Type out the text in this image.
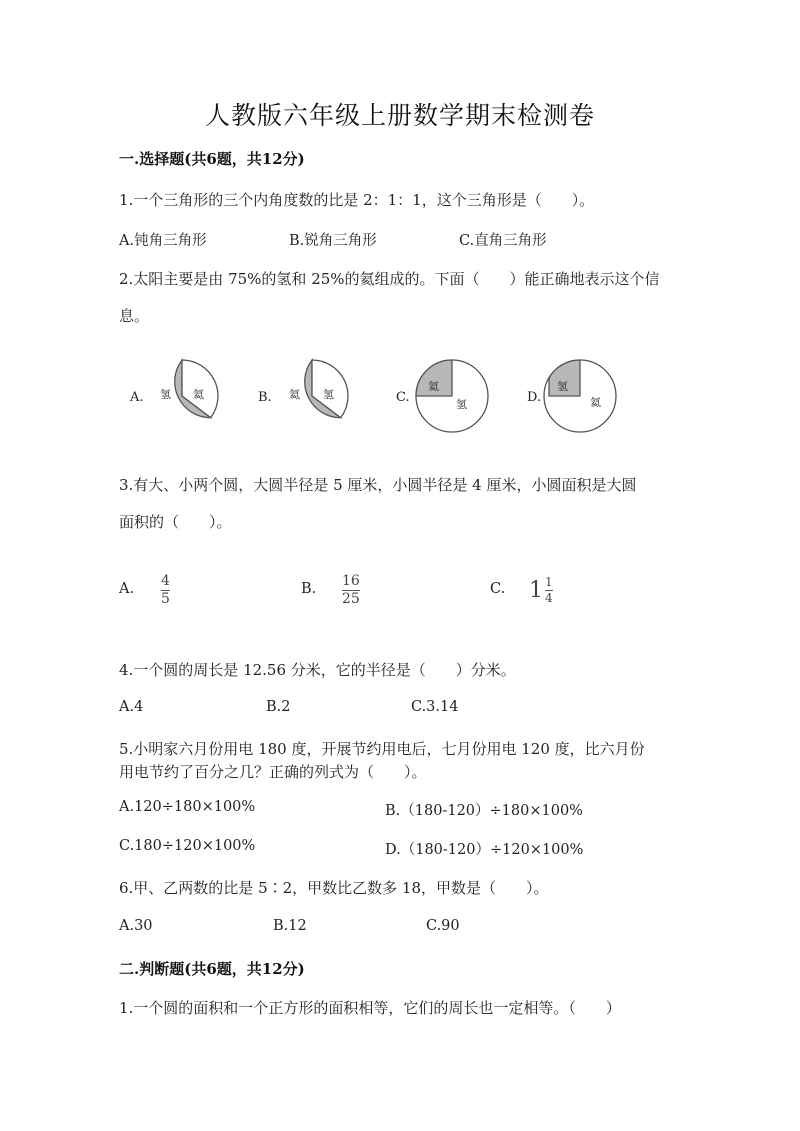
人教版六年级上册数学期末检测卷
一.选择题(共6题，共12分)
1.一个三角形的三个内角度数的比是 2：1：1，这个三角形是（　　）。
A.钝角三角形	B.锐角三角形	C.直角三角形
2.太阳主要是由 75%的氢和 25%的氦组成的。下面（　　）能正确地表示这个信
息。
A. 氢 氦	B. 氦 氢	C.
氦
氢	D.
氢
氦
3.有大、小两个圆，大圆半径是 5 厘米，小圆半径是 4 厘米，小圆面积是大圆
面积的（　　）。
A. 4
5
B. 16
25
C. 1 1
4
4.一个圆的周长是 12.56 分米，它的半径是（　　）分米。
A.4	B.2	C.3.14
5.小明家六月份用电 180 度，开展节约用电后，七月份用电 120 度，比六月份
用电节约了百分之几？正确的列式为（　　）。
A.120÷180×100%	B.（180-120）÷180×100%
C.180÷120×100%	D.（180-120）÷120×100%
6.甲、乙两数的比是 5∶2，甲数比乙数多 18，甲数是（　　）。
A.30	B.12	C.90
二.判断题(共6题，共12分)
1.一个圆的面积和一个正方形的面积相等，它们的周长也一定相等。（　　）
